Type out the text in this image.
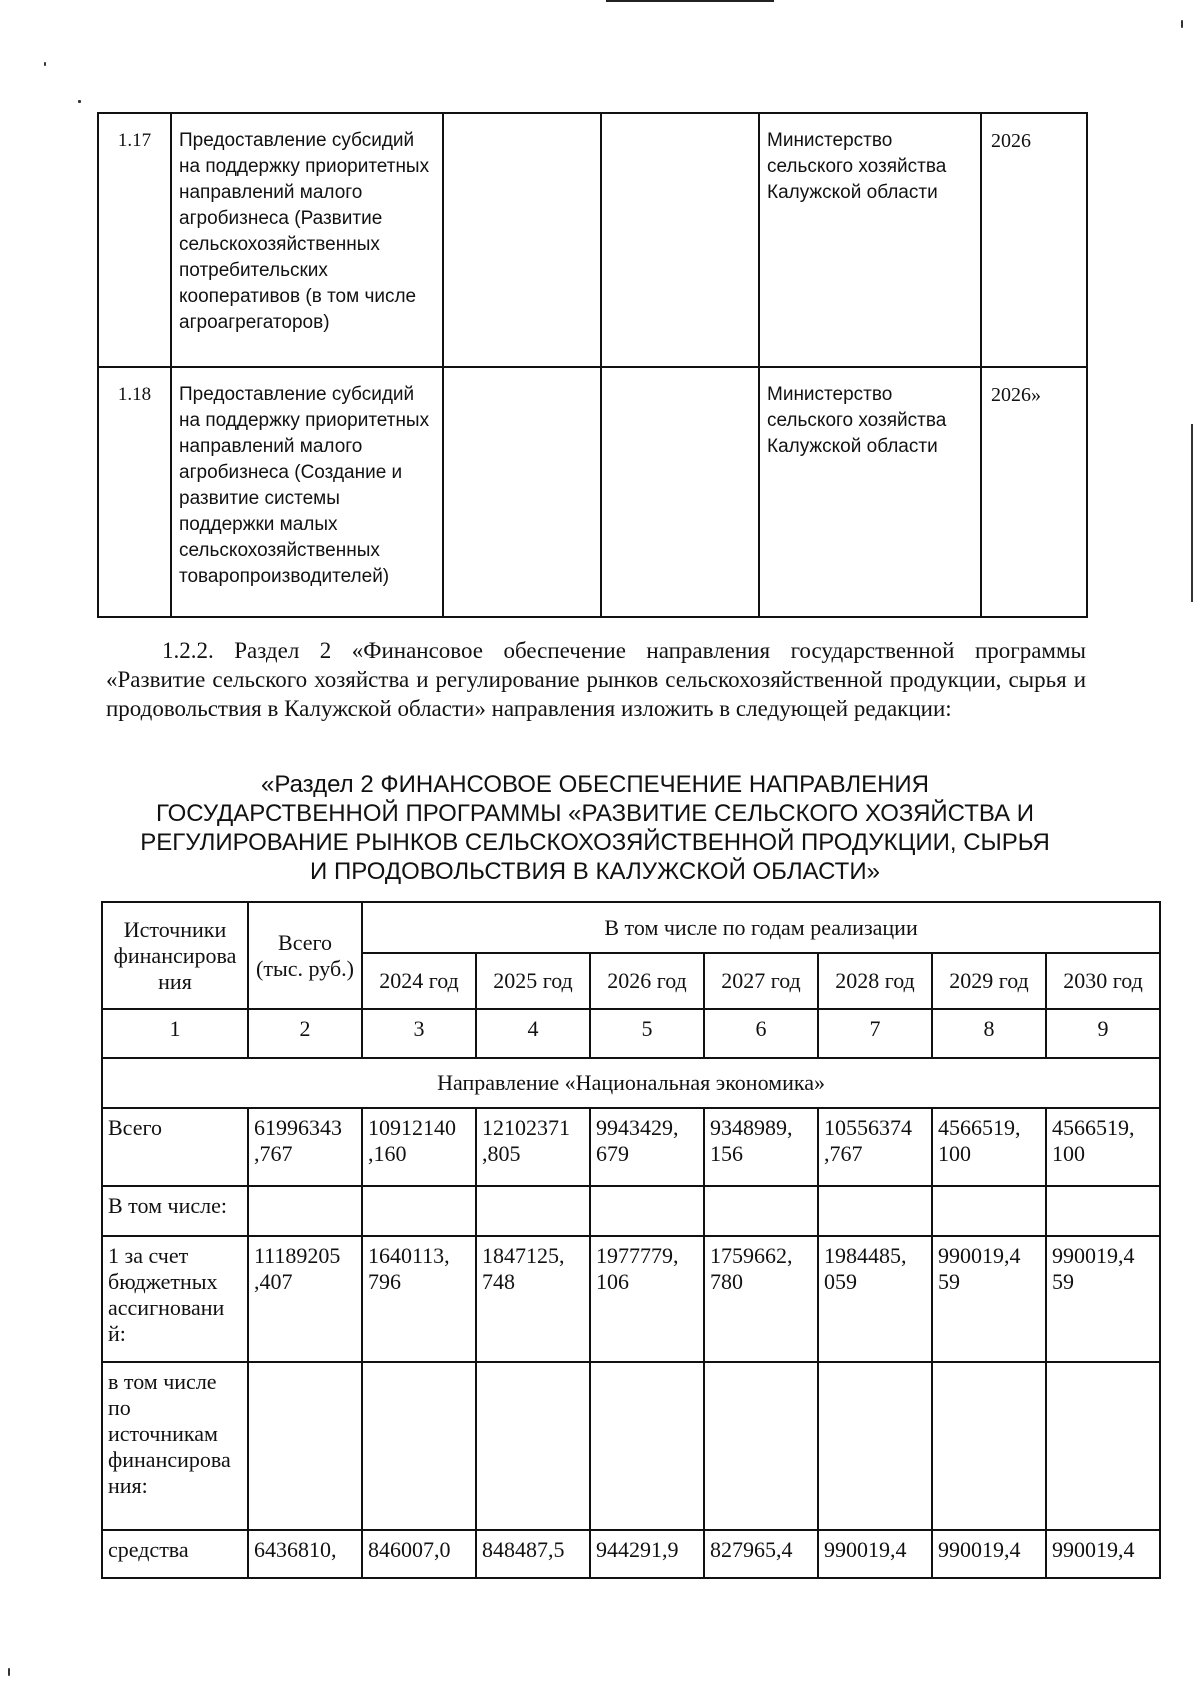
1.17	Предоставление субсидий на поддержку приоритетных направлений малого агробизнеса (Развитие сельскохозяйственных потребительских кооперативов (в том числе агроагрегаторов)			Министерство сельского хозяйства Калужской области	2026
1.18	Предоставление субсидий на поддержку приоритетных направлений малого агробизнеса (Создание и развитие системы поддержки малых сельскохозяйственных товаропроизводителей)			Министерство сельского хозяйства Калужской области	2026»
1.2.2. Раздел 2 «Финансовое обеспечение направления государственной программы «Развитие сельского хозяйства и регулирование рынков сельскохозяйственной продукции, сырья и продовольствия в Калужской области» направления изложить в следующей редакции:
«Раздел 2 ФИНАНСОВОЕ ОБЕСПЕЧЕНИЕ НАПРАВЛЕНИЯ
ГОСУДАРСТВЕННОЙ ПРОГРАММЫ «РАЗВИТИЕ СЕЛЬСКОГО ХОЗЯЙСТВА И
РЕГУЛИРОВАНИЕ РЫНКОВ СЕЛЬСКОХОЗЯЙСТВЕННОЙ ПРОДУКЦИИ, СЫРЬЯ
И ПРОДОВОЛЬСТВИЯ В КАЛУЖСКОЙ ОБЛАСТИ»
Источники финансирова ния	Всего (тыс. руб.)	В том числе по годам реализации						
		2024 год	2025 год	2026 год	2027 год	2028 год	2029 год	2030 год
1	2	3	4	5	6	7	8	9
Направление «Национальная экономика»								
Всего	61996343 ,767	10912140 ,160	12102371 ,805	9943429, 679	9348989, 156	10556374 ,767	4566519, 100	4566519, 100
В том числе:								
1 за счет бюджетных ассигновани й:	11189205 ,407	1640113, 796	1847125, 748	1977779, 106	1759662, 780	1984485, 059	990019,4 59	990019,4 59
в том числе по источникам финансирова ния:								
средства	6436810,	846007,0	848487,5	944291,9	827965,4	990019,4	990019,4	990019,4
